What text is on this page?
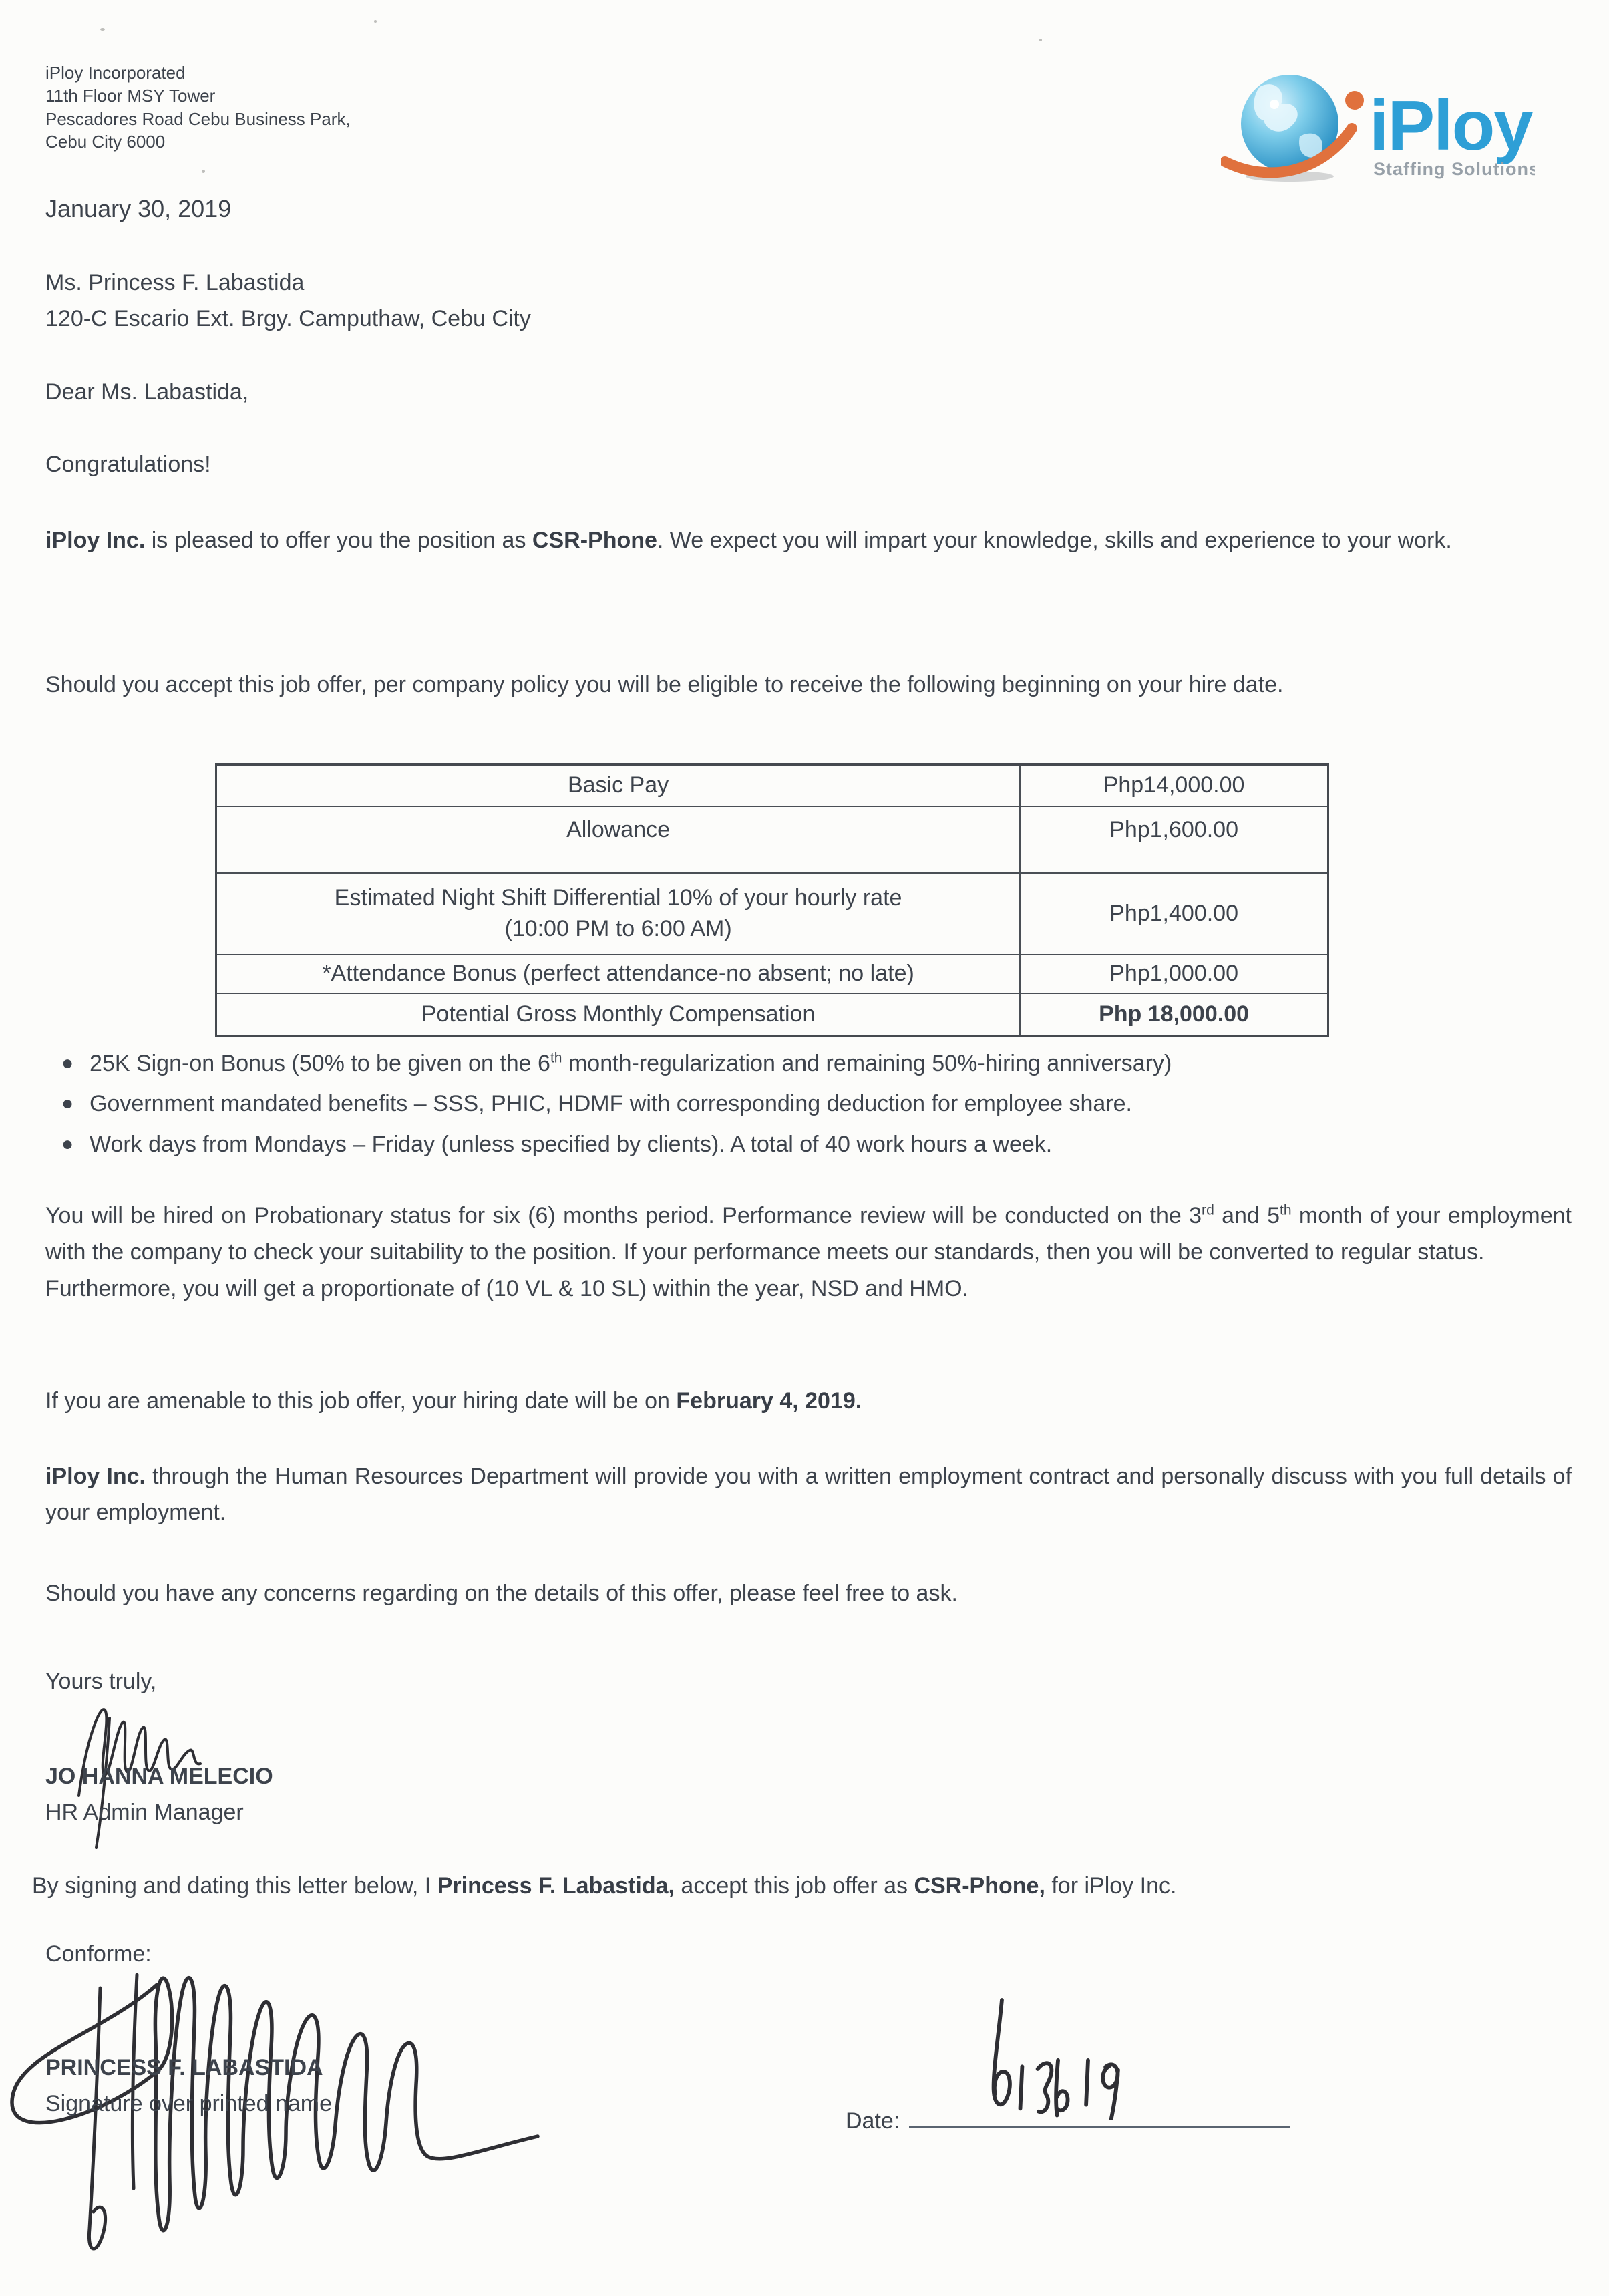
iPloy Incorporated
11th Floor MSY Tower
Pescadores Road Cebu Business Park,
Cebu City 6000	iPloy
Staffing Solutions
January 30, 2019
Ms. Princess F. Labastida
120-C Escario Ext. Brgy. Camputhaw, Cebu City
Dear Ms. Labastida,
Congratulations!
iPloy Inc. is pleased to offer you the position as CSR-Phone. We expect you will impart your knowledge, skills and experience to your work.
Should you accept this job offer, per company policy you will be eligible to receive the following beginning on your hire date.
Basic Pay	Php14,000.00
Allowance	Php1,600.00

Estimated Night Shift Differential 10% of your hourly rate
(10:00 PM to 6:00 AM)	Php1,400.00
*Attendance Bonus (perfect attendance-no absent; no late)	Php1,000.00
Potential Gross Monthly Compensation	Php 18,000.00
● 25K Sign-on Bonus (50% to be given on the 6th month-regularization and remaining 50%-hiring anniversary)
● Government mandated benefits – SSS, PHIC, HDMF with corresponding deduction for employee share.
● Work days from Mondays – Friday (unless specified by clients). A total of 40 work hours a week.
You will be hired on Probationary status for six (6) months period. Performance review will be conducted on the 3rd and 5th month of your employment with the company to check your suitability to the position. If your performance meets our standards, then you will be converted to regular status.
Furthermore, you will get a proportionate of (10 VL & 10 SL) within the year, NSD and HMO.
If you are amenable to this job offer, your hiring date will be on February 4, 2019.
iPloy Inc. through the Human Resources Department will provide you with a written employment contract and personally discuss with you full details of your employment.
Should you have any concerns regarding on the details of this offer, please feel free to ask.
Yours truly,
JO HANNA MELECIO
HR Admin Manager
By signing and dating this letter below, I Princess F. Labastida, accept this job offer as CSR-Phone, for iPloy Inc.
Conforme:
PRINCESS F. LABASTIDA
Signature over printed name
Date:
